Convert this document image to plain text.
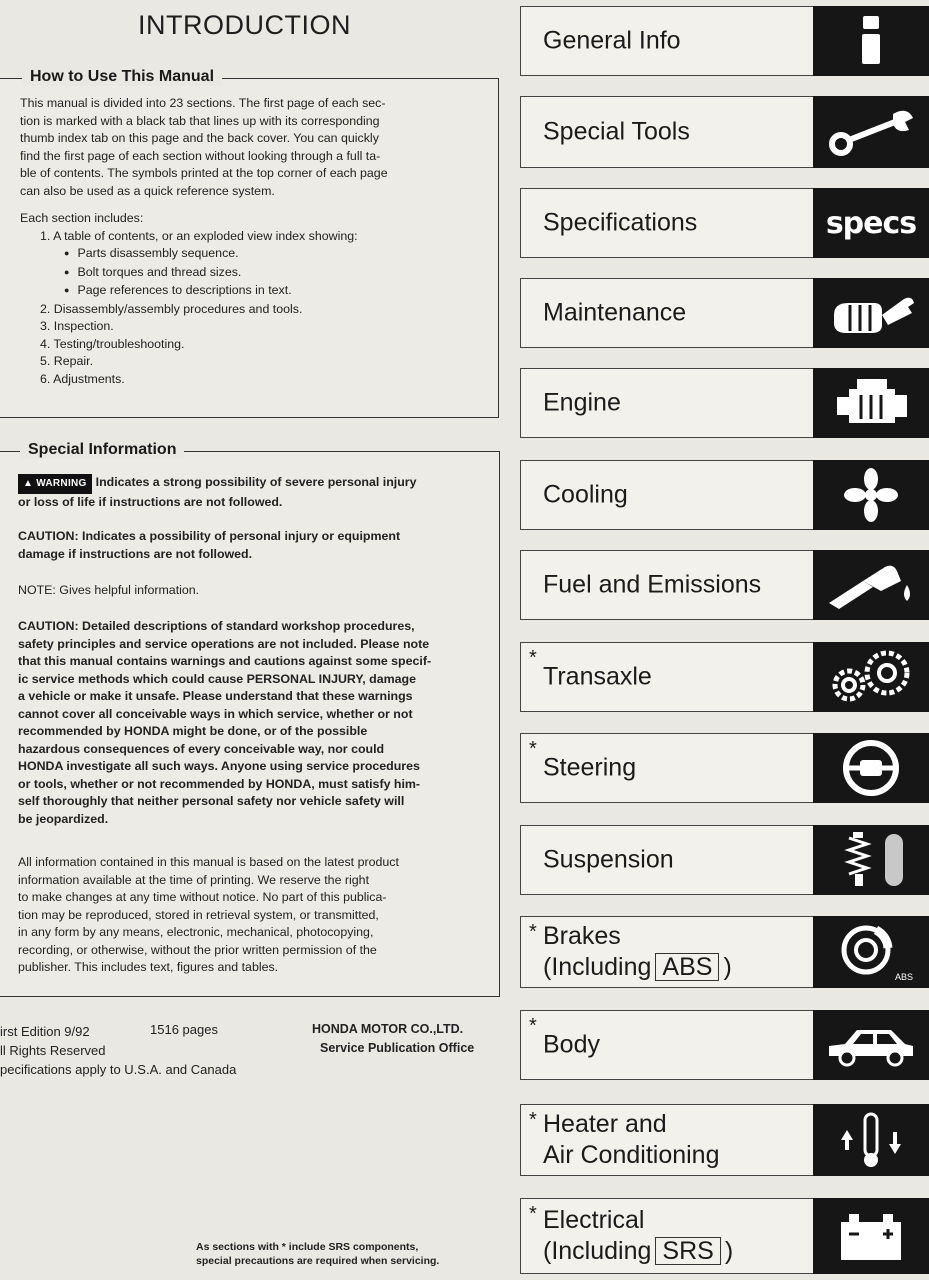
INTRODUCTION
How to Use This Manual

This manual is divided into 23 sections. The first page of each sec-

tion is marked with a black tab that lines up with its corresponding

thumb index tab on this page and the back cover. You can quickly

find the first page of each section without looking through a full ta-

ble of contents. The symbols printed at the top corner of each page

can also be used as a quick reference system.

Each section includes:

1. A table of contents, or an exploded view index showing:
● Parts disassembly sequence.
● Bolt torques and thread sizes.
● Page references to descriptions in text.
2. Disassembly/assembly procedures and tools.
3. Inspection.
4. Testing/troubleshooting.
5. Repair.
6. Adjustments.
Special Information

▲ WARNING Indicates a strong possibility of severe personal injury

or loss of life if instructions are not followed.

CAUTION: Indicates a possibility of personal injury or equipment

damage if instructions are not followed.

NOTE: Gives helpful information.

CAUTION: Detailed descriptions of standard workshop procedures,

safety principles and service operations are not included. Please note

that this manual contains warnings and cautions against some specif-

ic service methods which could cause PERSONAL INJURY, damage

a vehicle or make it unsafe. Please understand that these warnings

cannot cover all conceivable ways in which service, whether or not

recommended by HONDA might be done, or of the possible

hazardous consequences of every conceivable way, nor could

HONDA investigate all such ways. Anyone using service procedures

or tools, whether or not recommended by HONDA, must satisfy him-

self thoroughly that neither personal safety nor vehicle safety will

be jeopardized.

All information contained in this manual is based on the latest product

information available at the time of printing. We reserve the right

to make changes at any time without notice. No part of this publica-

tion may be reproduced, stored in retrieval system, or transmitted,

in any form by any means, electronic, mechanical, photocopying,

recording, or otherwise, without the prior written permission of the

publisher. This includes text, figures and tables.

irst Edition 9/92
ll Rights Reserved
pecifications apply to U.S.A. and Canada
1516 pages	HONDA MOTOR CO.,LTD.
Service Publication Office
As sections with * include SRS components,
special precautions are required when servicing.
General Info
Special Tools
Specifications	specs
Maintenance
Engine
Cooling
Fuel and Emissions
*
Transaxle
*
Steering
Suspension
* Brakes
(Including ABS )	ABS
*
Body
* Heater and
Air Conditioning
* Electrical
(Including SRS )
